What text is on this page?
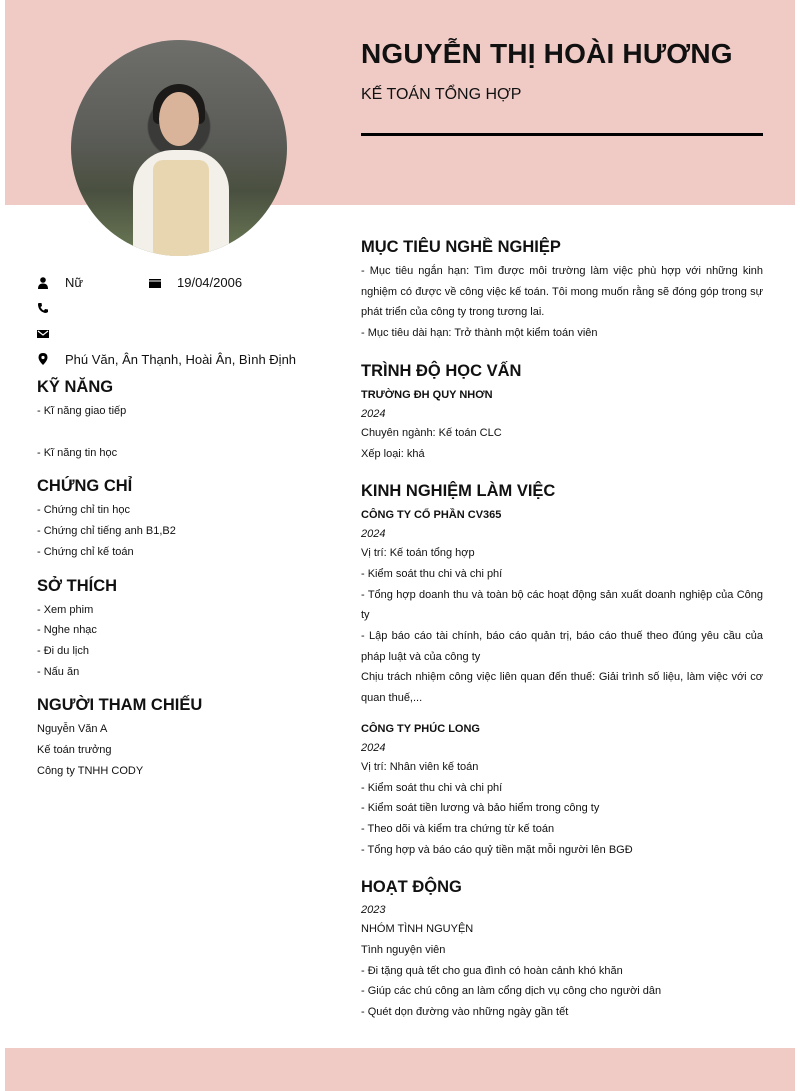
NGUYỄN THỊ HOÀI HƯƠNG
KẾ TOÁN TỔNG HỢP
Nữ	19/04/2006
Phú Văn, Ân Thạnh, Hoài Ân, Bình Định
KỸ NĂNG
- Kĩ năng giao tiếp
- Kĩ năng tin học
CHỨNG CHỈ
- Chứng chỉ tin học
- Chứng chỉ tiếng anh B1,B2
- Chứng chỉ kế toán
SỞ THÍCH
- Xem phim
- Nghe nhạc
- Đi du lịch
- Nấu ăn
NGƯỜI THAM CHIẾU
Nguyễn Văn A
Kế toán trưởng
Công ty TNHH CODY
MỤC TIÊU NGHỀ NGHIỆP
- Mục tiêu ngắn hạn: Tìm được môi trường làm việc phù hợp với những kinh nghiệm có được về công việc kế toán. Tôi mong muốn rằng sẽ đóng góp trong sự phát triển của công ty trong tương lai.
- Mục tiêu dài hạn: Trở thành một kiểm toán viên
TRÌNH ĐỘ HỌC VẤN
TRƯỜNG ĐH QUY NHƠN
2024
Chuyên ngành: Kế toán CLC
Xếp loại: khá
KINH NGHIỆM LÀM VIỆC
CÔNG TY CỔ PHẦN CV365
2024
Vị trí: Kế toán tổng hợp
- Kiểm soát thu chi và chi phí
- Tổng hợp doanh thu và toàn bộ các hoạt động sản xuất doanh nghiệp của Công ty
- Lập báo cáo tài chính, báo cáo quản trị, báo cáo thuế theo đúng yêu cầu của pháp luật và của công ty
Chịu trách nhiệm công việc liên quan đến thuế: Giải trình số liệu, làm việc với cơ quan thuế,...
CÔNG TY PHÚC LONG
2024
Vị trí: Nhân viên kế toán
- Kiểm soát thu chi và chi phí
- Kiểm soát tiền lương và bảo hiểm trong công ty
- Theo dõi và kiểm tra chứng từ kế toán
- Tổng hợp và báo cáo quỷ tiền mặt mỗi người lên BGĐ
HOẠT ĐỘNG
2023
NHÓM TÌNH NGUYỆN
Tình nguyện viên
- Đi tặng quà tết cho gua đình có hoàn cảnh khó khăn
- Giúp các chú công an làm cổng dịch vụ công cho người dân
- Quét dọn đường vào những ngày gần tết
